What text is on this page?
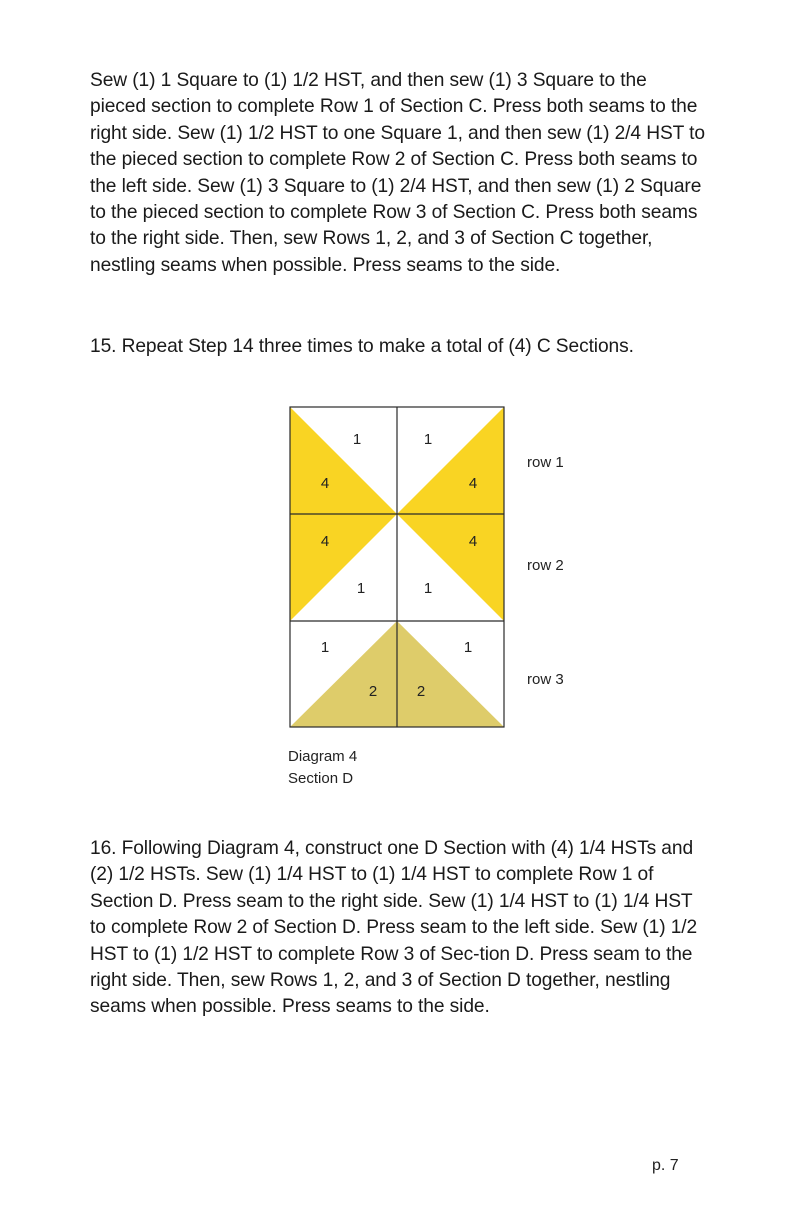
Sew (1) 1 Square to (1) 1/2 HST, and then sew (1) 3 Square to the pieced section to complete Row 1 of Section C. Press both seams to the right side. Sew (1) 1/2 HST to one Square 1, and then sew (1) 2/4 HST to the pieced section to complete Row 2 of Section C. Press both seams to the left side. Sew (1) 3 Square to (1) 2/4 HST, and then sew (1) 2 Square to the pieced section to complete Row 3 of Section C. Press both seams to the right side. Then, sew Rows 1, 2, and 3 of Section C together, nestling seams when possible. Press seams to the side.

15. Repeat Step 14 three times to make a total of (4) C Sections.

1
4
1
4
4
1
4
1
1
2
1
2
row 1
row 2
row 3
Diagram 4
Section D

16. Following Diagram 4, construct one D Section with (4) 1/4 HSTs and (2) 1/2 HSTs. Sew (1) 1/4 HST to (1) 1/4 HST to complete Row 1 of Section D. Press seam to the right side. Sew (1) 1/4 HST to (1) 1/4 HST to complete Row 2 of Section D. Press seam to the left side. Sew (1) 1/2 HST to (1) 1/2 HST to complete Row 3 of Sec-tion D. Press seam to the right side. Then, sew Rows 1, 2, and 3 of Section D together, nestling seams when possible. Press seams to the side.

p. 7
